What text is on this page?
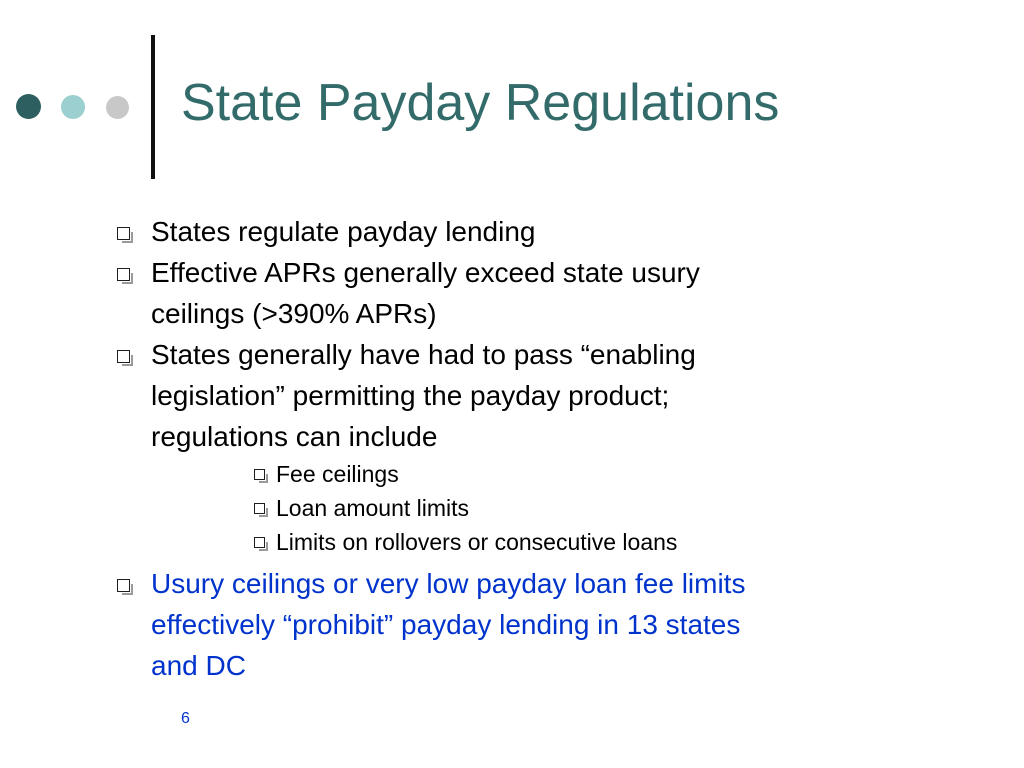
State Payday Regulations
States regulate payday lending
Effective APRs generally exceed state usury
ceilings (>390% APRs)
States generally have had to pass “enabling
legislation” permitting the payday product;
regulations can include
Fee ceilings
Loan amount limits
Limits on rollovers or consecutive loans
Usury ceilings or very low payday loan fee limits
effectively “prohibit” payday lending in 13 states
and DC
6
